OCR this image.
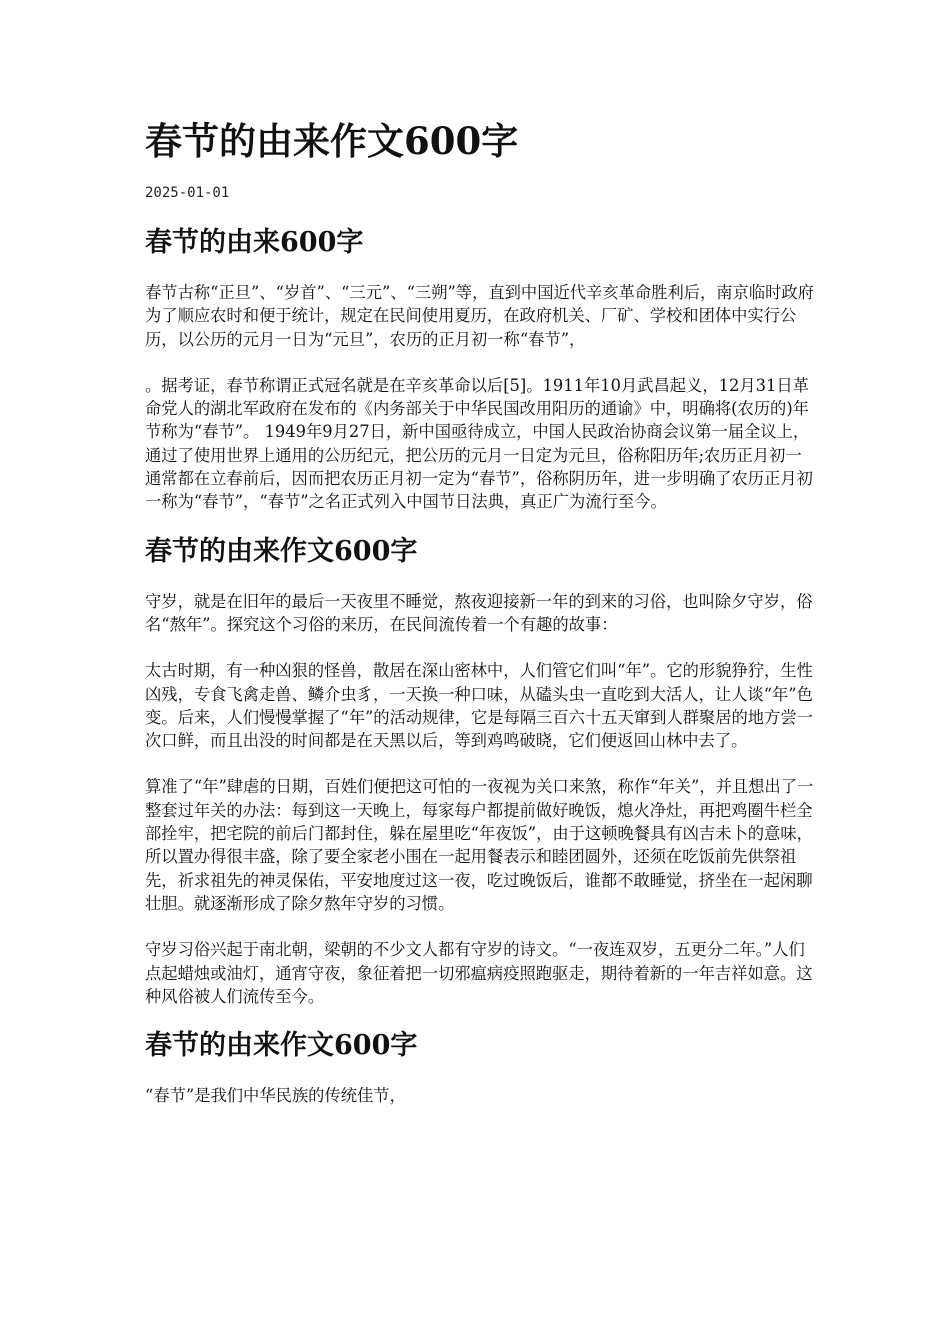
春节的由来作文600字
2025-01-01
春节的由来600字

春节古称“正旦”、“岁首”、“三元”、“三朔”等，直到中国近代辛亥革命胜利后，南京临时政府为了顺应农时和便于统计，规定在民间使用夏历，在政府机关、厂矿、学校和团体中实行公历，以公历的元月一日为“元旦”，农历的正月初一称“春节”，

。据考证，春节称谓正式冠名就是在辛亥革命以后[5]。1911年10月武昌起义，12月31日革命党人的湖北军政府在发布的《内务部关于中华民国改用阳历的通谕》中，明确将(农历的)年节称为“春节”。 1949年9月27日，新中国亟待成立，中国人民政治协商会议第一届全议上，通过了使用世界上通用的公历纪元，把公历的元月一日定为元旦，俗称阳历年;农历正月初一通常都在立春前后，因而把农历正月初一定为“春节”，俗称阴历年，进一步明确了农历正月初一称为“春节”，“春节”之名正式列入中国节日法典，真正广为流行至今。

春节的由来作文600字

守岁，就是在旧年的最后一天夜里不睡觉，熬夜迎接新一年的到来的习俗，也叫除夕守岁，俗名“熬年”。探究这个习俗的来历，在民间流传着一个有趣的故事：

太古时期，有一种凶狠的怪兽，散居在深山密林中，人们管它们叫“年”。它的形貌狰狞，生性凶残，专食飞禽走兽、鳞介虫豸，一天换一种口味，从磕头虫一直吃到大活人，让人谈“年”色变。后来，人们慢慢掌握了“年”的活动规律，它是每隔三百六十五天窜到人群聚居的地方尝一次口鲜，而且出没的时间都是在天黑以后，等到鸡鸣破晓，它们便返回山林中去了。

算准了“年”肆虐的日期，百姓们便把这可怕的一夜视为关口来煞，称作“年关”，并且想出了一整套过年关的办法：每到这一天晚上，每家每户都提前做好晚饭，熄火净灶，再把鸡圈牛栏全部拴牢，把宅院的前后门都封住，躲在屋里吃“年夜饭”，由于这顿晚餐具有凶吉未卜的意味，所以置办得很丰盛，除了要全家老小围在一起用餐表示和睦团圆外，还须在吃饭前先供祭祖先，祈求祖先的神灵保佑，平安地度过这一夜，吃过晚饭后，谁都不敢睡觉，挤坐在一起闲聊壮胆。就逐渐形成了除夕熬年守岁的习惯。

守岁习俗兴起于南北朝，梁朝的不少文人都有守岁的诗文。“一夜连双岁，五更分二年。”人们点起蜡烛或油灯，通宵守夜，象征着把一切邪瘟病疫照跑驱走，期待着新的一年吉祥如意。这种风俗被人们流传至今。

春节的由来作文600字

“春节”是我们中华民族的传统佳节，
